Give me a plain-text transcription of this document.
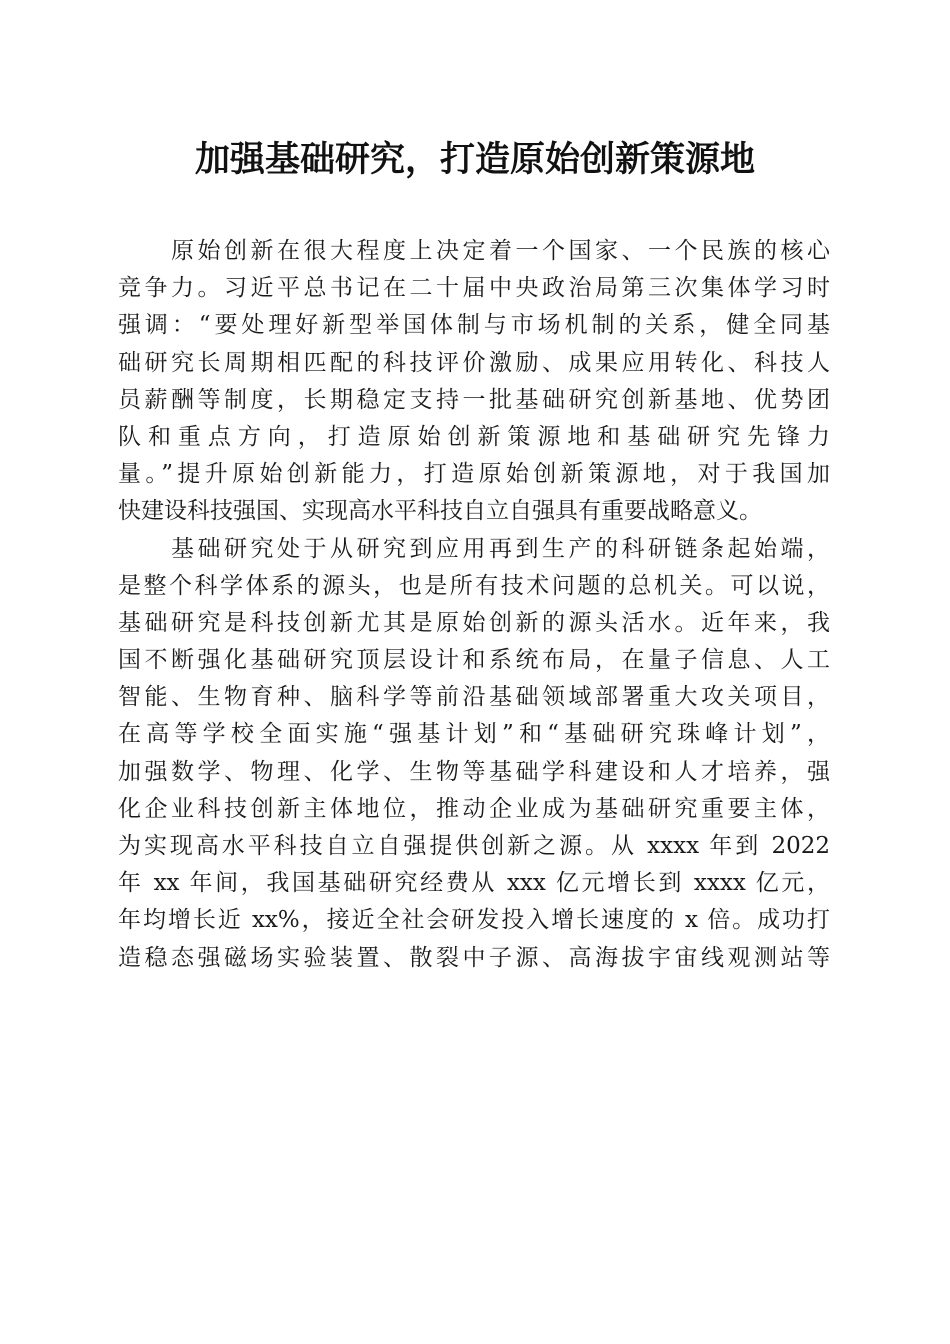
加强基础研究，打造原始创新策源地
　　原始创新在很大程度上决定着一个国家、一个民族的核心
竞争力。习近平总书记在二十届中央政治局第三次集体学习时
强调：“要处理好新型举国体制与市场机制的关系，健全同基
础研究长周期相匹配的科技评价激励、成果应用转化、科技人
员薪酬等制度，长期稳定支持一批基础研究创新基地、优势团
队和重点方向，打造原始创新策源地和基础研究先锋力
量。”提升原始创新能力，打造原始创新策源地，对于我国加
快建设科技强国、实现高水平科技自立自强具有重要战略意义。
　　基础研究处于从研究到应用再到生产的科研链条起始端，
是整个科学体系的源头，也是所有技术问题的总机关。可以说，
基础研究是科技创新尤其是原始创新的源头活水。近年来，我
国不断强化基础研究顶层设计和系统布局，在量子信息、人工
智能、生物育种、脑科学等前沿基础领域部署重大攻关项目，
在高等学校全面实施“强基计划”和“基础研究珠峰计划”，
加强数学、物理、化学、生物等基础学科建设和人才培养，强
化企业科技创新主体地位，推动企业成为基础研究重要主体，
为实现高水平科技自立自强提供创新之源。从 xxxx 年到 2022
年 xx 年间，我国基础研究经费从 xxx 亿元增长到 xxxx 亿元，
年均增长近 xx%，接近全社会研发投入增长速度的 x 倍。成功打
造稳态强磁场实验装置、散裂中子源、高海拔宇宙线观测站等
